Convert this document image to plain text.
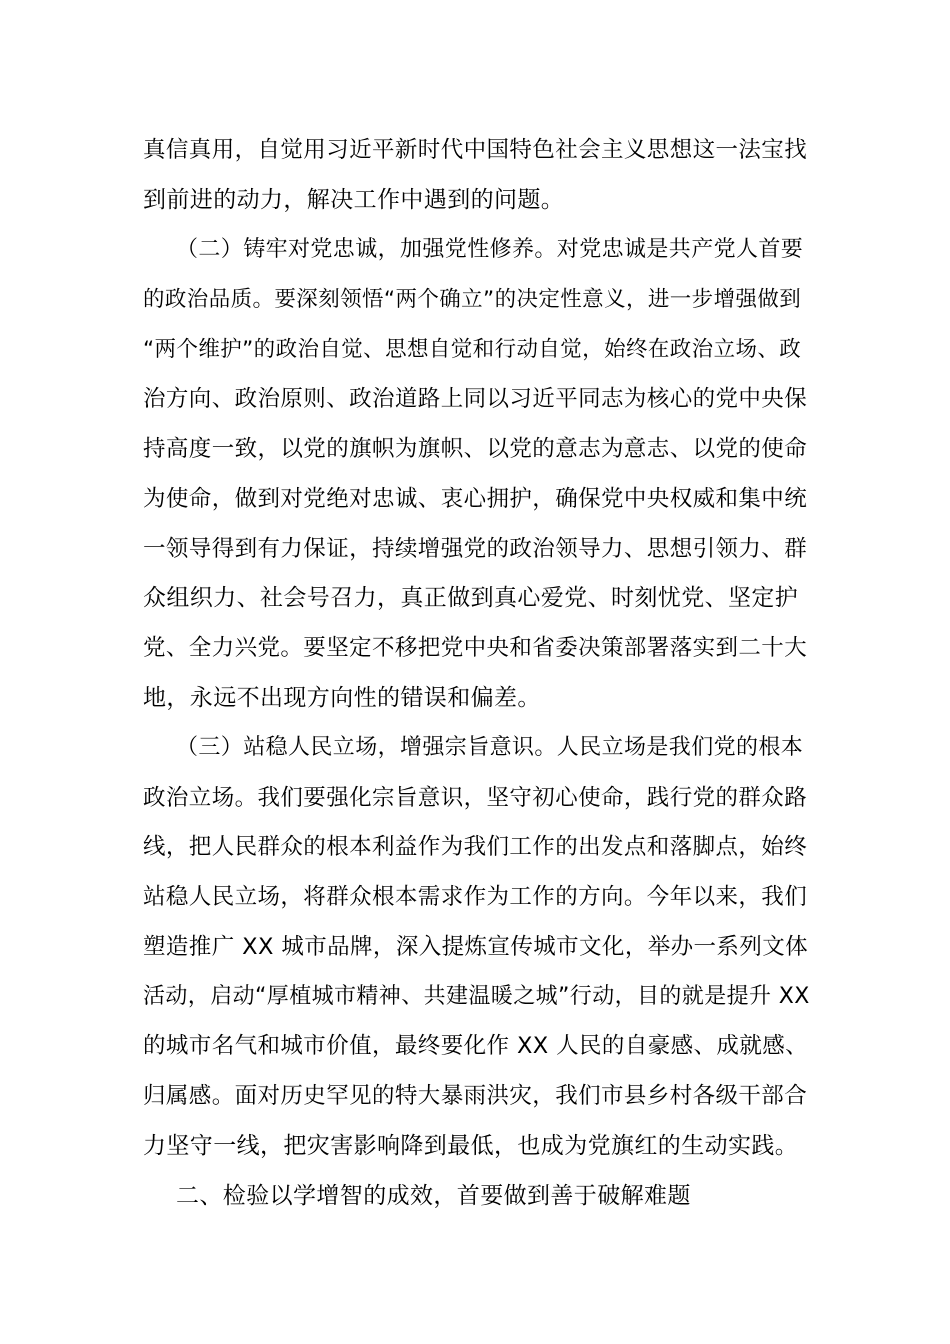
真信真用，自觉用习近平新时代中国特色社会主义思想这一法宝找
到前进的动力，解决工作中遇到的问题。
（二）铸牢对党忠诚，加强党性修养。对党忠诚是共产党人首要
的政治品质。要深刻领悟“两个确立”的决定性意义，进一步增强做到
“两个维护”的政治自觉、思想自觉和行动自觉，始终在政治立场、政
治方向、政治原则、政治道路上同以习近平同志为核心的党中央保
持高度一致，以党的旗帜为旗帜、以党的意志为意志、以党的使命
为使命，做到对党绝对忠诚、衷心拥护，确保党中央权威和集中统
一领导得到有力保证，持续增强党的政治领导力、思想引领力、群
众组织力、社会号召力，真正做到真心爱党、时刻忧党、坚定护
党、全力兴党。要坚定不移把党中央和省委决策部署落实到二十大
地，永远不出现方向性的错误和偏差。
（三）站稳人民立场，增强宗旨意识。人民立场是我们党的根本
政治立场。我们要强化宗旨意识，坚守初心使命，践行党的群众路
线，把人民群众的根本利益作为我们工作的出发点和落脚点，始终
站稳人民立场，将群众根本需求作为工作的方向。今年以来，我们
塑造推广 XX 城市品牌，深入提炼宣传城市文化，举办一系列文体
活动，启动“厚植城市精神、共建温暖之城”行动，目的就是提升 XX
的城市名气和城市价值，最终要化作 XX 人民的自豪感、成就感、
归属感。面对历史罕见的特大暴雨洪灾，我们市县乡村各级干部合
力坚守一线，把灾害影响降到最低，也成为党旗红的生动实践。
二、检验以学增智的成效，首要做到善于破解难题
